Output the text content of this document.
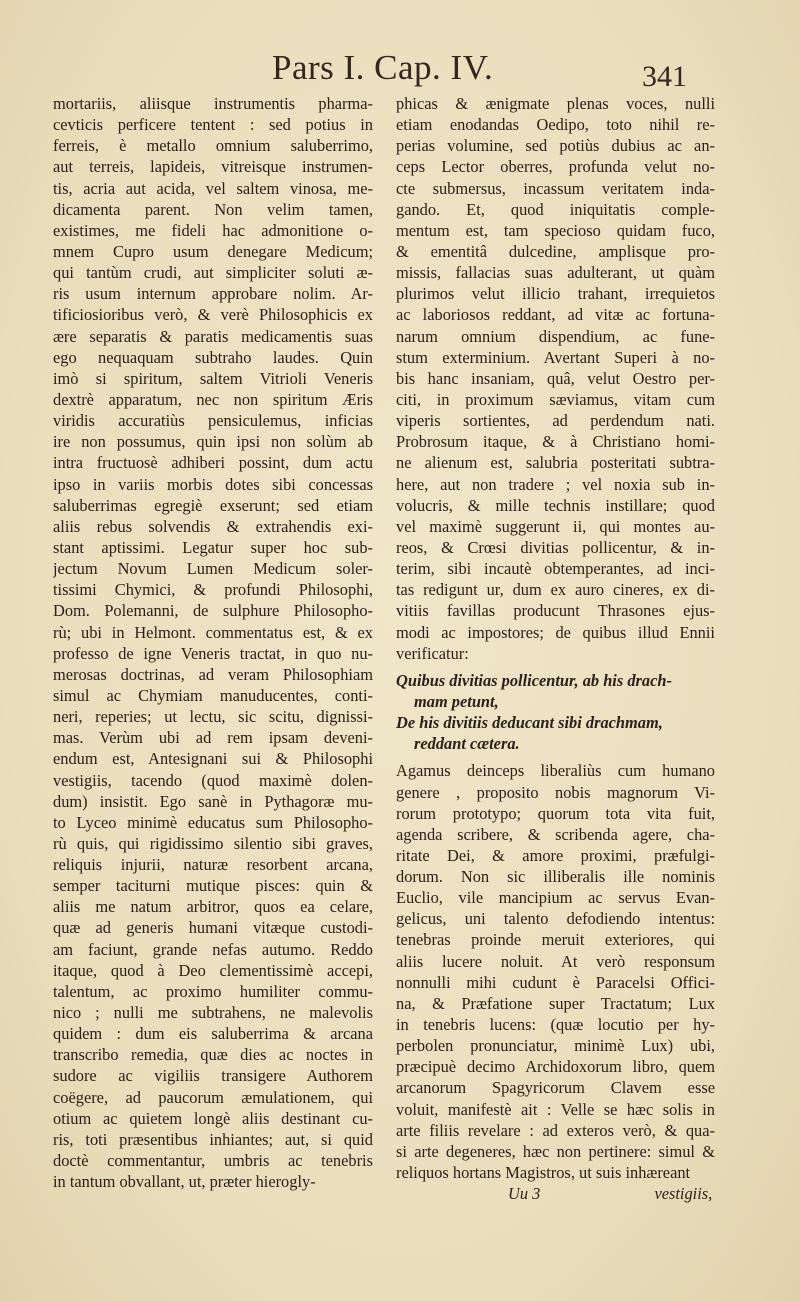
Pars I. Cap. IV.	341
mortariis, aliisque instrumentis pharma-
cevticis perficere tentent : sed potius in
ferreis, è metallo omnium saluberrimo,
aut terreis, lapideis, vitreisque instrumen-
tis, acria aut acida, vel saltem vinosa, me-
dicamenta parent. Non velim tamen,
existimes, me fideli hac admonitione o-
mnem Cupro usum denegare Medicum;
qui tantùm crudi, aut simpliciter soluti æ-
ris usum internum approbare nolim. Ar-
tificiosioribus verò, & verè Philosophicis ex
ære separatis & paratis medicamentis suas
ego nequaquam subtraho laudes. Quin
imò si spiritum, saltem Vitrioli Veneris
dextrè apparatum, nec non spiritum Æris
viridis accuratiùs pensiculemus, inficias
ire non possumus, quin ipsi non solùm ab
intra fructuosè adhiberi possint, dum actu
ipso in variis morbis dotes sibi concessas
saluberrimas egregiè exserunt; sed etiam
aliis rebus solvendis & extrahendis exi-
stant aptissimi. Legatur super hoc sub-
jectum Novum Lumen Medicum soler-
tissimi Chymici, & profundi Philosophi,
Dom. Polemanni, de sulphure Philosopho-
rù; ubi in Helmont. commentatus est, & ex
professo de igne Veneris tractat, in quo nu-
merosas doctrinas, ad veram Philosophiam
simul ac Chymiam manuducentes, conti-
neri, reperies; ut lectu, sic scitu, dignissi-
mas. Verùm ubi ad rem ipsam deveni-
endum est, Antesignani sui & Philosophi
vestigiis, tacendo (quod maximè dolen-
dum) insistit. Ego sanè in Pythagoræ mu-
to Lyceo minimè educatus sum Philosopho-
rù quis, qui rigidissimo silentio sibi graves,
reliquis injurii, naturæ resorbent arcana,
semper taciturni mutique pisces: quin &
aliis me natum arbitror, quos ea celare,
quæ ad generis humani vitæque custodi-
am faciunt, grande nefas autumo. Reddo
itaque, quod à Deo clementissimè accepi,
talentum, ac proximo humiliter commu-
nico ; nulli me subtrahens, ne malevolis
quidem : dum eis saluberrima & arcana
transcribo remedia, quæ dies ac noctes in
sudore ac vigiliis transigere Authorem
coëgere, ad paucorum æmulationem, qui
otium ac quietem longè aliis destinant cu-
ris, toti præsentibus inhiantes; aut, si quid
doctè commentantur, umbris ac tenebris
in tantum obvallant, ut, præter hierogly-
phicas & ænigmate plenas voces, nulli
etiam enodandas Oedipo, toto nihil re-
perias volumine, sed potiùs dubius ac an-
ceps Lector oberres, profunda velut no-
cte submersus, incassum veritatem inda-
gando. Et, quod iniquitatis comple-
mentum est, tam specioso quidam fuco,
& ementitâ dulcedine, amplisque pro-
missis, fallacias suas adulterant, ut quàm
plurimos velut illicio trahant, irrequietos
ac laboriosos reddant, ad vitæ ac fortuna-
narum omnium dispendium, ac fune-
stum exterminium. Avertant Superi à no-
bis hanc insaniam, quâ, velut Oestro per-
citi, in proximum sæviamus, vitam cum
viperis sortientes, ad perdendum nati.
Probrosum itaque, & à Christiano homi-
ne alienum est, salubria posteritati subtra-
here, aut non tradere ; vel noxia sub in-
volucris, & mille technis instillare; quod
vel maximè suggerunt ii, qui montes au-
reos, & Crœsi divitias pollicentur, & in-
terim, sibi incautè obtemperantes, ad inci-
tas redigunt ur, dum ex auro cineres, ex di-
vitiis favillas producunt Thrasones ejus-
modi ac impostores; de quibus illud Ennii
verificatur:
Quibus divitias pollicentur, ab his drach-
mam petunt,
De his divitiis deducant sibi drachmam,
reddant cætera.
Agamus deinceps liberaliùs cum humano
genere , proposito nobis magnorum Vi-
rorum prototypo; quorum tota vita fuit,
agenda scribere, & scribenda agere, cha-
ritate Dei, & amore proximi, præfulgi-
dorum. Non sic illiberalis ille nominis
Euclio, vile mancipium ac servus Evan-
gelicus, uni talento defodiendo intentus:
tenebras proinde meruit exteriores, qui
aliis lucere noluit. At verò responsum
nonnulli mihi cudunt è Paracelsi Offici-
na, & Præfatione super Tractatum; Lux
in tenebris lucens: (quæ locutio per hy-
perbolen pronunciatur, minimè Lux) ubi,
præcipuè decimo Archidoxorum libro, quem
arcanorum Spagyricorum Clavem esse
voluit, manifestè ait : Velle se hæc solis in
arte filiis revelare : ad exteros verò, & qua-
si arte degeneres, hæc non pertinere: simul &
reliquos hortans Magistros, ut suis inhæreant
Uu 3	vestigiis,
